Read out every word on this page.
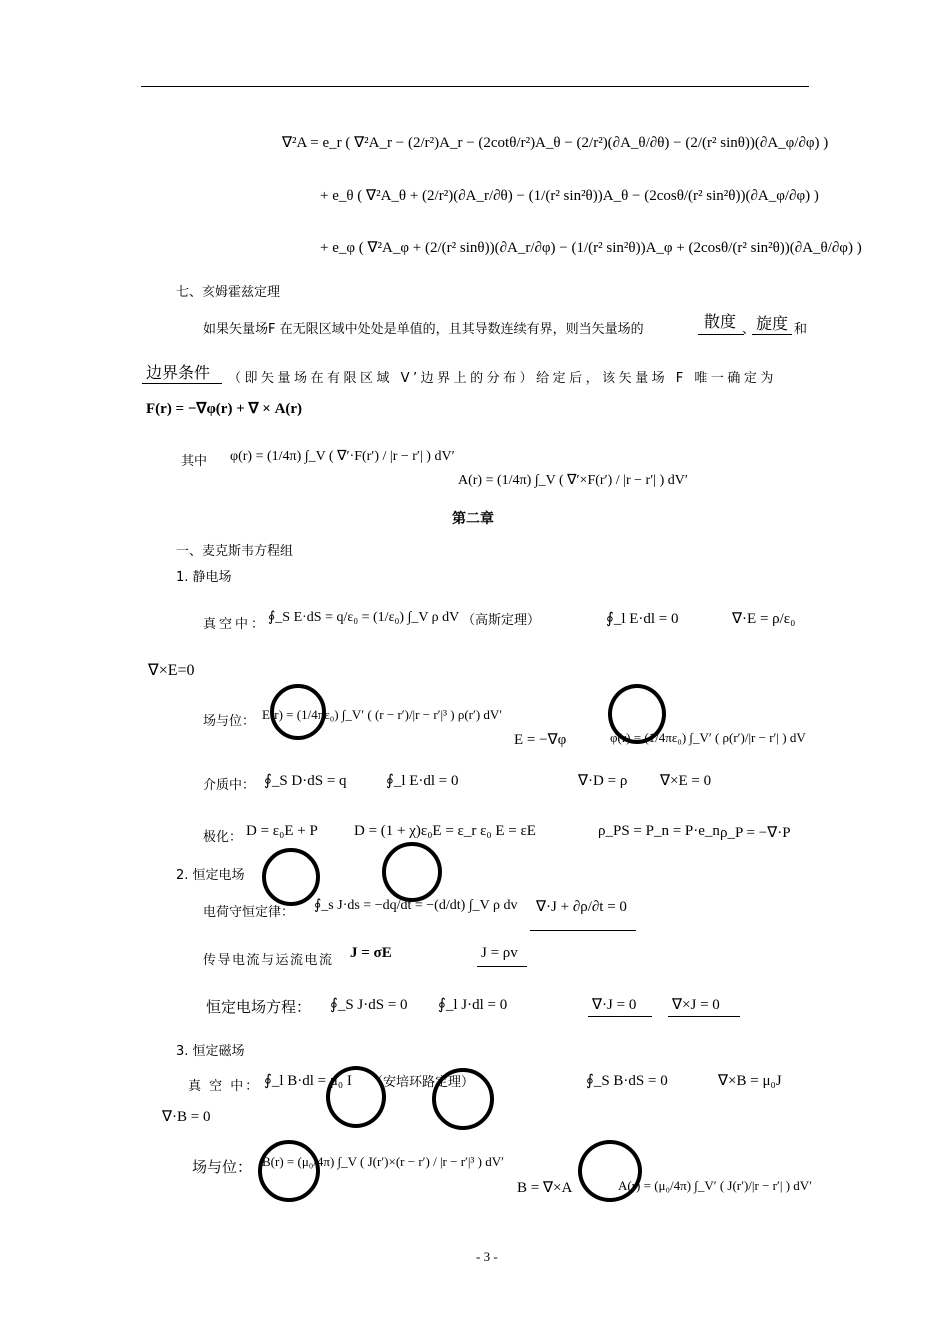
∇²A = e_r ( ∇²A_r − (2/r²)A_r − (2cotθ/r²)A_θ − (2/r²)(∂A_θ/∂θ) − (2/(r² sinθ))(∂A_φ/∂φ) )
+ e_θ ( ∇²A_θ + (2/r²)(∂A_r/∂θ) − (1/(r² sin²θ))A_θ − (2cosθ/(r² sin²θ))(∂A_φ/∂φ) )
+ e_φ ( ∇²A_φ + (2/(r² sinθ))(∂A_r/∂φ) − (1/(r² sin²θ))A_φ + (2cosθ/(r² sin²θ))(∂A_θ/∂φ) )
七、亥姆霍兹定理
如果矢量场F 在无限区域中处处是单值的，且其导数连续有界，则当矢量场的	散度 、 旋度 和
边界条件 （即矢量场在有限区域 V’边界上的分布）给定后，该矢量场 F 唯一确定为
F(r) = −∇φ(r) + ∇ × A(r)
其中 φ(r) = (1/4π) ∫_V ( ∇′·F(r′) / |r − r′| ) dV′
A(r) = (1/4π) ∫_V ( ∇′×F(r′) / |r − r′| ) dV′
第二章
一、麦克斯韦方程组
1. 静电场
真空中： ∮_S E·dS = q/ε₀ = (1/ε₀) ∫_V ρ dV （高斯定理）	∮_l E·dl = 0	∇·E = ρ/ε₀
∇×E=0
场与位： E(r) = (1/4πε₀) ∫_V′ ( (r − r′)/|r − r′|³ ) ρ(r′) dV′
E = −∇φ	φ(r) = (1/4πε₀) ∫_V′ ( ρ(r′)/|r − r′| ) dV
介质中： ∮_S D·dS = q	∮_l E·dl = 0	∇·D = ρ ∇×E = 0
极化： D = ε₀E + P D = (1 + χ)ε₀E = ε_r ε₀ E = εE	ρ_PS = P_n = P·e_n ρ_P = −∇·P
2. 恒定电场
电荷守恒定律： ∮_s J·ds = −dq/dt = −(d/dt) ∫_V ρ dv ∇·J + ∂ρ/∂t = 0
传导电流与运流电流 J = σE	J = ρv
恒定电场方程： ∮_S J·dS = 0 ∮_l J·dl = 0	∇·J = 0 ∇×J = 0
3. 恒定磁场
真 空 中： ∮_l B·dl = μ₀ I （安培环路定理）	∮_S B·dS = 0	∇×B = μ₀J
∇·B = 0
场与位： B(r) = (μ₀/4π) ∫_V ( J(r′)×(r − r′) / |r − r′|³ ) dV′
B = ∇×A	A(r) = (μ₀/4π) ∫_V′ ( J(r′)/|r − r′| ) dV′
- 3 -
